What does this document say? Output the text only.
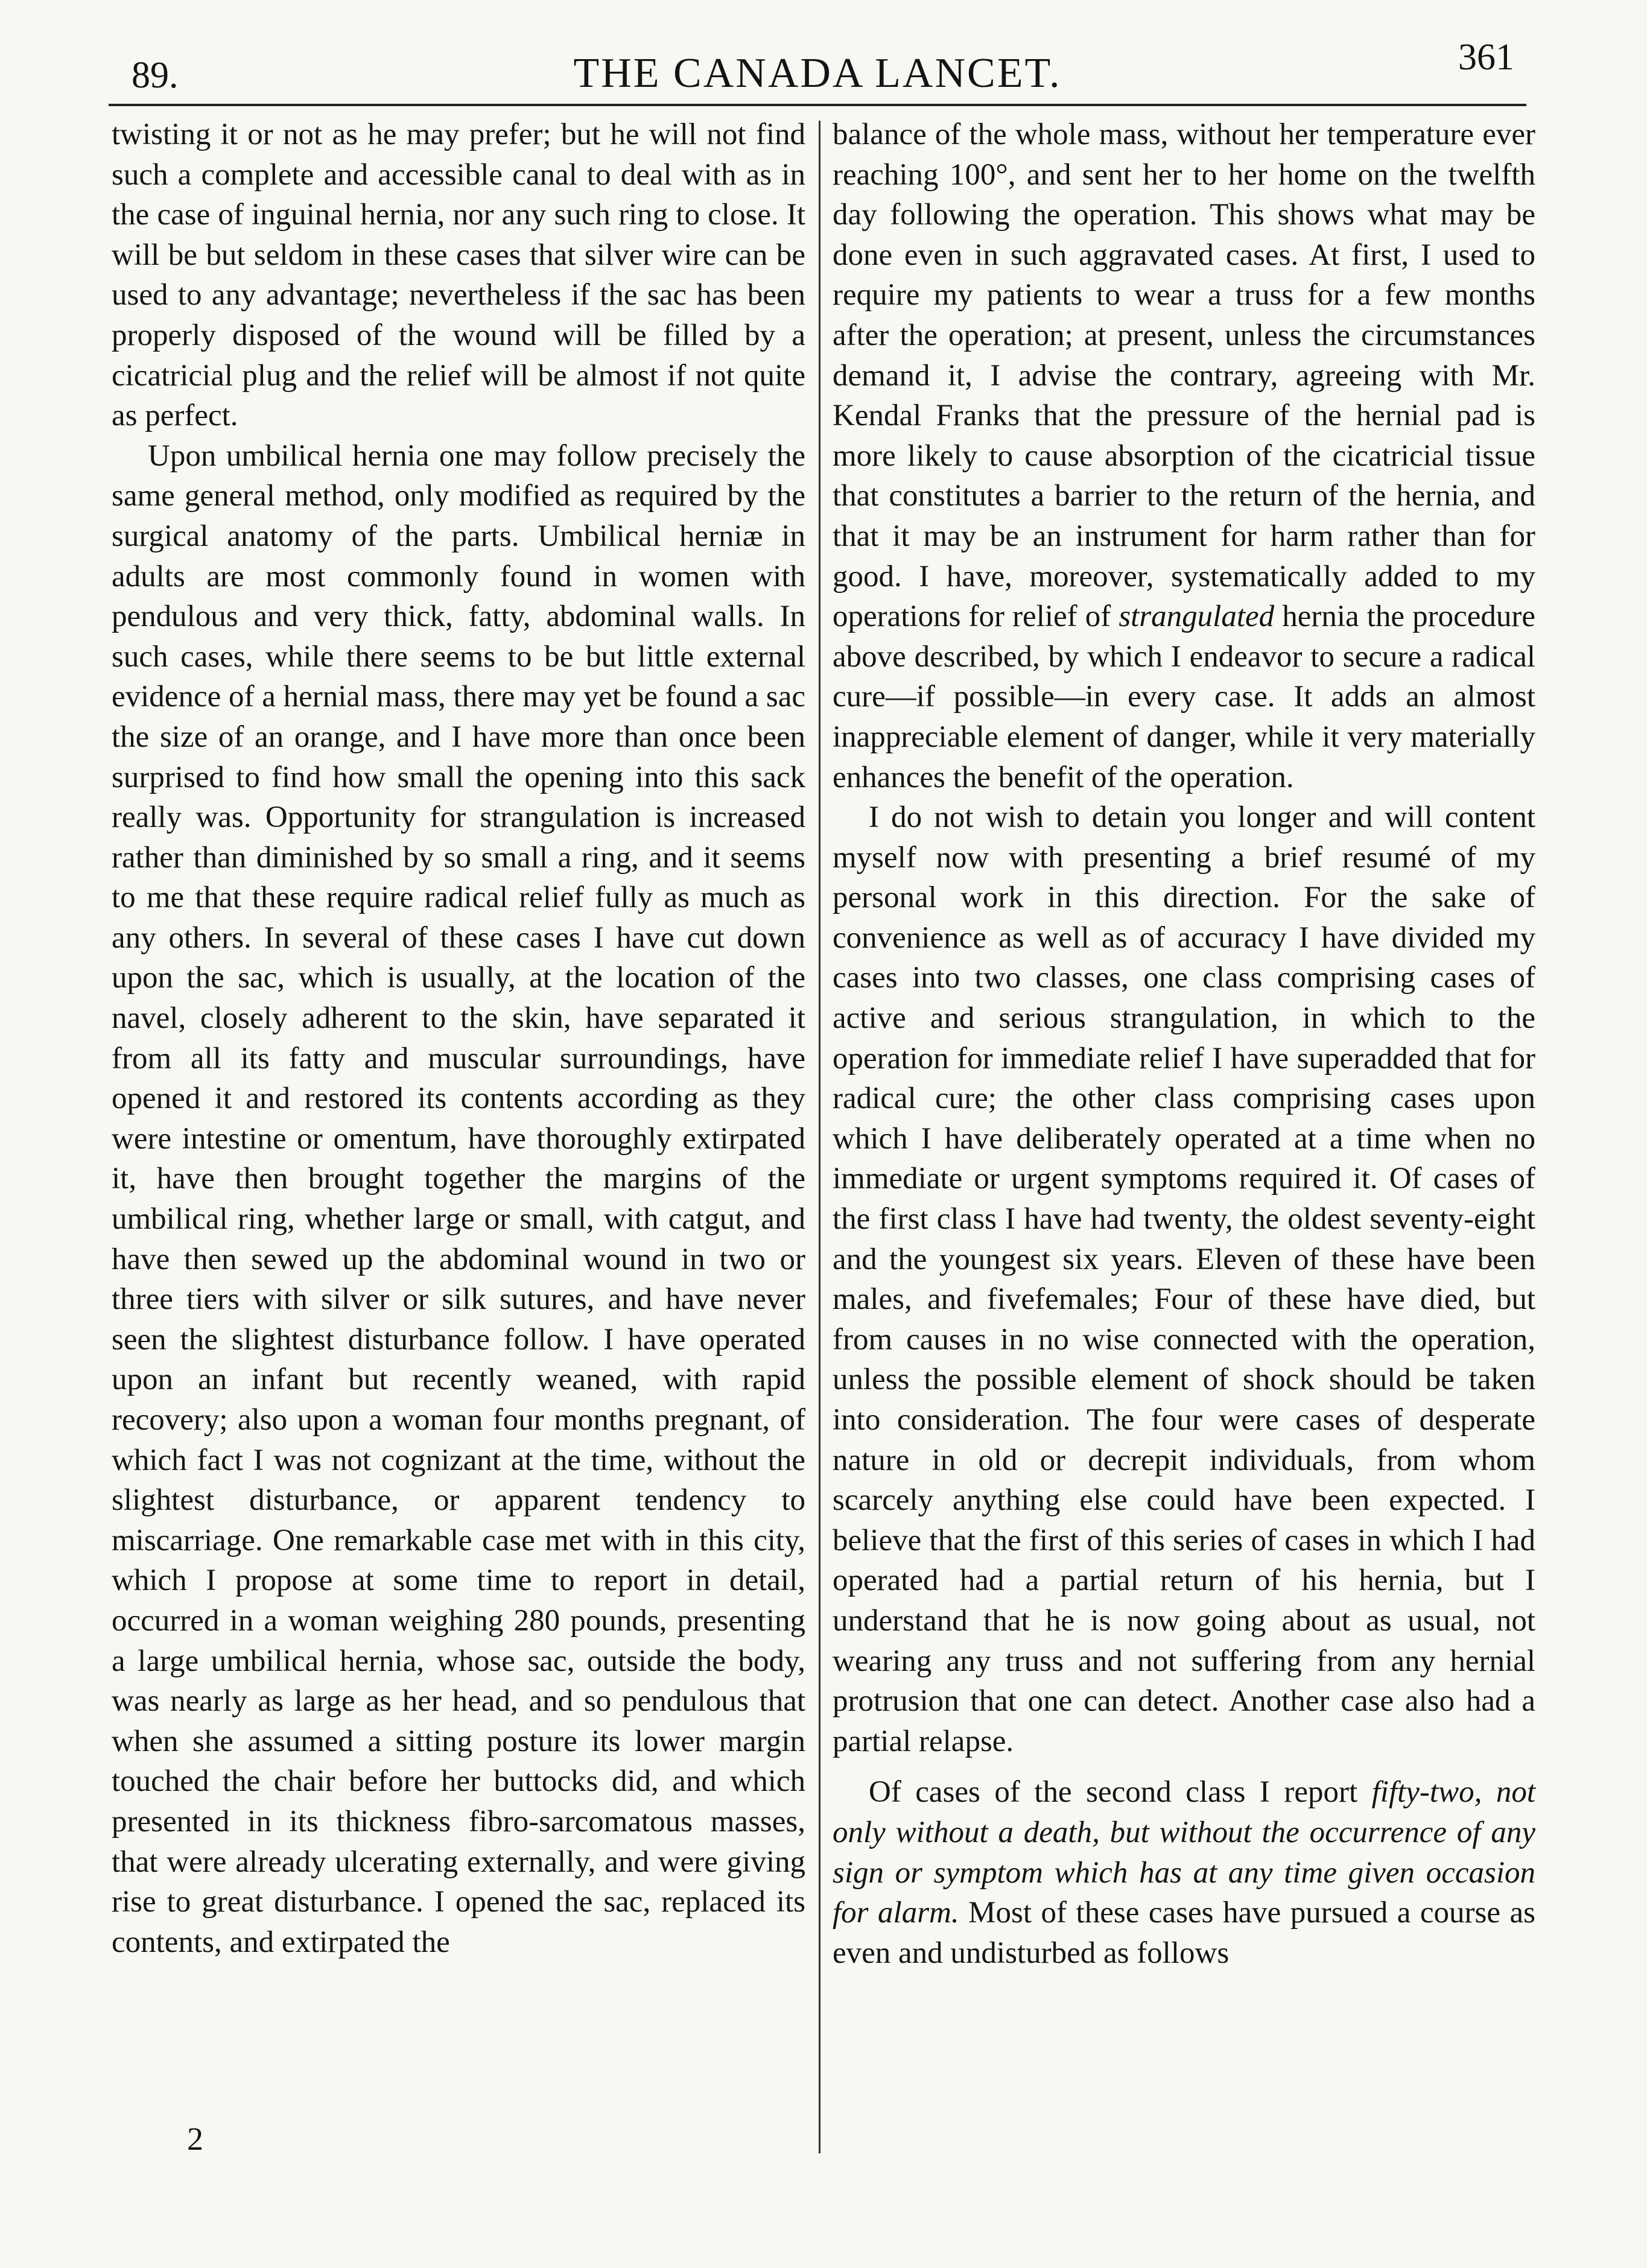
89.	THE CANADA LANCET.	361

twisting it or not as he may prefer; but he will not find such a complete and accessible canal to deal with as in the case of inguinal hernia, nor any such ring to close. It will be but seldom in these cases that silver wire can be used to any advantage; nevertheless if the sac has been properly disposed of the wound will be filled by a cicatricial plug and the relief will be almost if not quite as perfect.

Upon umbilical hernia one may follow precisely the same general method, only modified as required by the surgical anatomy of the parts. Umbilical herniæ in adults are most commonly found in women with pendulous and very thick, fatty, abdominal walls. In such cases, while there seems to be but little external evidence of a hernial mass, there may yet be found a sac the size of an orange, and I have more than once been surprised to find how small the opening into this sack really was. Opportunity for strangulation is increased rather than diminished by so small a ring, and it seems to me that these require radical relief fully as much as any others. In several of these cases I have cut down upon the sac, which is usually, at the location of the navel, closely adherent to the skin, have separated it from all its fatty and muscular surroundings, have opened it and restored its contents according as they were intestine or omentum, have thoroughly extirpated it, have then brought together the margins of the umbilical ring, whether large or small, with catgut, and have then sewed up the abdominal wound in two or three tiers with silver or silk sutures, and have never seen the slightest disturbance follow. I have operated upon an infant but recently weaned, with rapid recovery; also upon a woman four months pregnant, of which fact I was not cognizant at the time, without the slightest disturbance, or apparent tendency to miscarriage. One remarkable case met with in this city, which I propose at some time to report in detail, occurred in a woman weighing 280 pounds, presenting a large umbilical hernia, whose sac, outside the body, was nearly as large as her head, and so pendulous that when she assumed a sitting posture its lower margin touched the chair before her buttocks did, and which presented in its thickness fibro-sarcomatous masses, that were already ulcerating externally, and were giving rise to great disturbance. I opened the sac, replaced its contents, and extirpated the

balance of the whole mass, without her temperature ever reaching 100°, and sent her to her home on the twelfth day following the operation. This shows what may be done even in such aggravated cases. At first, I used to require my patients to wear a truss for a few months after the operation; at present, unless the circumstances demand it, I advise the contrary, agreeing with Mr. Kendal Franks that the pressure of the hernial pad is more likely to cause absorption of the cicatricial tissue that constitutes a barrier to the return of the hernia, and that it may be an instrument for harm rather than for good. I have, moreover, systematically added to my operations for relief of strangulated hernia the procedure above described, by which I endeavor to secure a radical cure—if possible—in every case. It adds an almost inappreciable element of danger, while it very materially enhances the benefit of the operation.

I do not wish to detain you longer and will content myself now with presenting a brief resumé of my personal work in this direction. For the sake of convenience as well as of accuracy I have divided my cases into two classes, one class comprising cases of active and serious strangulation, in which to the operation for immediate relief I have superadded that for radical cure; the other class comprising cases upon which I have deliberately operated at a time when no immediate or urgent symptoms required it. Of cases of the first class I have had twenty, the oldest seventy-eight and the youngest six years. Eleven of these have been males, and fivefemales; Four of these have died, but from causes in no wise connected with the operation, unless the possible element of shock should be taken into consideration. The four were cases of desperate nature in old or decrepit individuals, from whom scarcely anything else could have been expected. I believe that the first of this series of cases in which I had operated had a partial return of his hernia, but I understand that he is now going about as usual, not wearing any truss and not suffering from any hernial protrusion that one can detect. Another case also had a partial relapse.

Of cases of the second class I report fifty-two, not only without a death, but without the occurrence of any sign or symptom which has at any time given occasion for alarm. Most of these cases have pursued a course as even and undisturbed as follows

2
